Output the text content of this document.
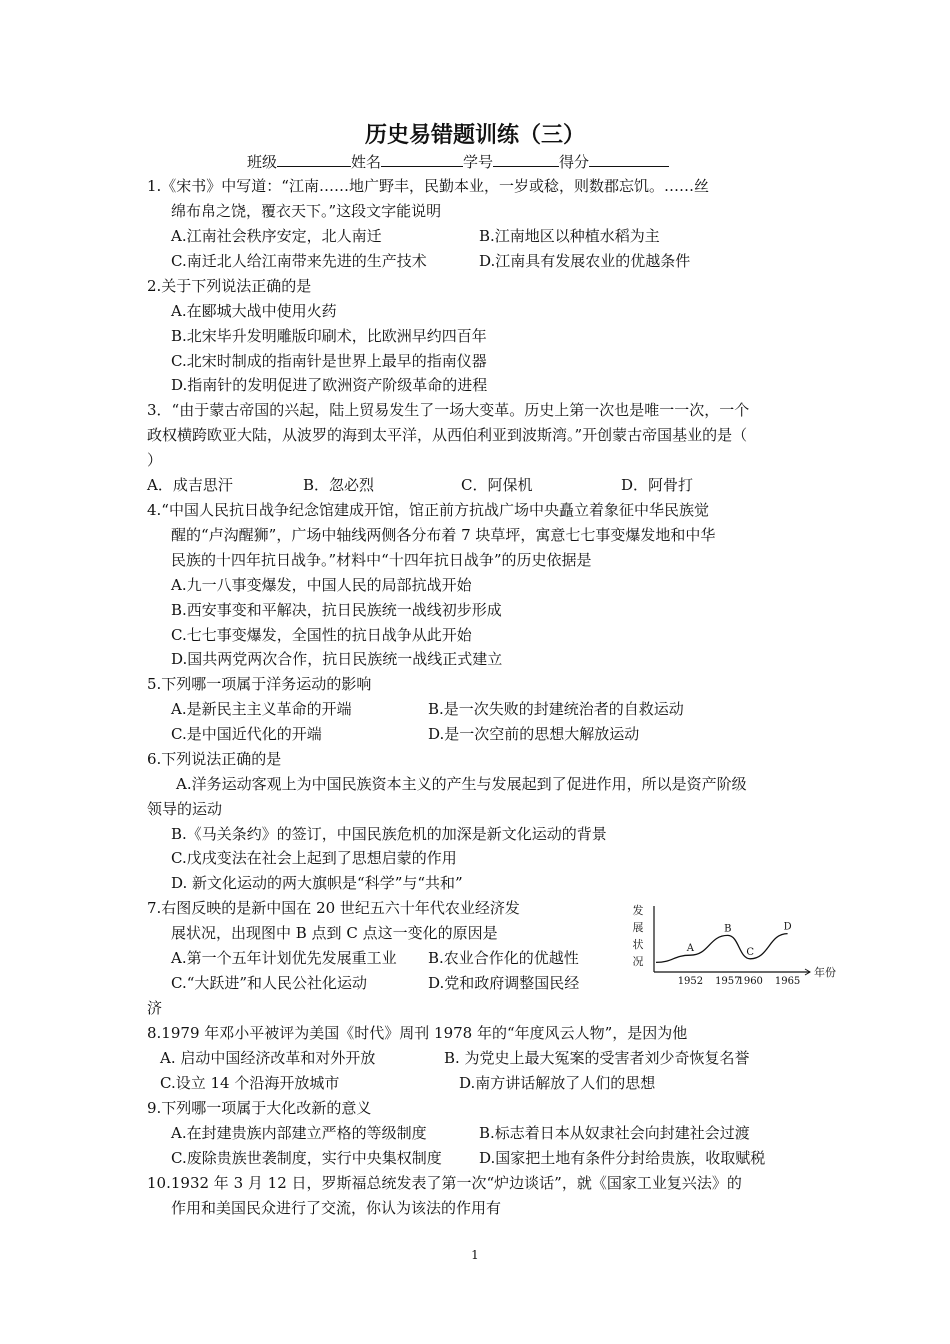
历史易错题训练（三）
班级	姓名	学号	得分
1.《宋书》中写道：“江南……地广野丰，民勤本业，一岁或稔，则数郡忘饥。……丝
绵布帛之饶，覆衣天下。”这段文字能说明
A.江南社会秩序安定，北人南迁	B.江南地区以种植水稻为主
C.南迁北人给江南带来先进的生产技术	D.江南具有发展农业的优越条件
2.关于下列说法正确的是
A.在郾城大战中使用火药
B.北宋毕升发明雕版印刷术，比欧洲早约四百年
C.北宋时制成的指南针是世界上最早的指南仪器
D.指南针的发明促进了欧洲资产阶级革命的进程
3．“由于蒙古帝国的兴起，陆上贸易发生了一场大变革。历史上第一次也是唯一一次，一个
政权横跨欧亚大陆，从波罗的海到太平洋，从西伯利亚到波斯湾。”开创蒙古帝国基业的是（
）
A．成吉思汗	B．忽必烈	C．阿保机	D．阿骨打
4.“中国人民抗日战争纪念馆建成开馆，馆正前方抗战广场中央矗立着象征中华民族觉
醒的“卢沟醒狮”，广场中轴线两侧各分布着 7 块草坪，寓意七七事变爆发地和中华
民族的十四年抗日战争。”材料中“十四年抗日战争”的历史依据是
A.九一八事变爆发，中国人民的局部抗战开始
B.西安事变和平解决，抗日民族统一战线初步形成
C.七七事变爆发，全国性的抗日战争从此开始
D.国共两党两次合作，抗日民族统一战线正式建立
5.下列哪一项属于洋务运动的影响
A.是新民主主义革命的开端	B.是一次失败的封建统治者的自救运动
C.是中国近代化的开端	D.是一次空前的思想大解放运动
6.下列说法正确的是
A.洋务运动客观上为中国民族资本主义的产生与发展起到了促进作用，所以是资产阶级
领导的运动
B.《马关条约》的签订，中国民族危机的加深是新文化运动的背景
C.戊戌变法在社会上起到了思想启蒙的作用
D. 新文化运动的两大旗帜是“科学”与“共和”
7.右图反映的是新中国在 20 世纪五六十年代农业经济发
展状况，出现图中 B 点到 C 点这一变化的原因是
A.第一个五年计划优先发展重工业 B.农业合作化的优越性
C.“大跃进”和人民公社化运动	D.党和政府调整国民经
济
A
B
C
D
1952 1957
1960 1965
发
展
状
况
年份
8.1979 年邓小平被评为美国《时代》周刊 1978 年的“年度风云人物”，是因为他
A. 启动中国经济改革和对外开放	B. 为党史上最大冤案的受害者刘少奇恢复名誉
C.设立 14 个沿海开放城市	D.南方讲话解放了人们的思想
9.下列哪一项属于大化改新的意义
A.在封建贵族内部建立严格的等级制度	B.标志着日本从奴隶社会向封建社会过渡
C.废除贵族世袭制度，实行中央集权制度 D.国家把土地有条件分封给贵族，收取赋税
10.1932 年 3 月 12 日，罗斯福总统发表了第一次“炉边谈话”，就《国家工业复兴法》的
作用和美国民众进行了交流，你认为该法的作用有
1
